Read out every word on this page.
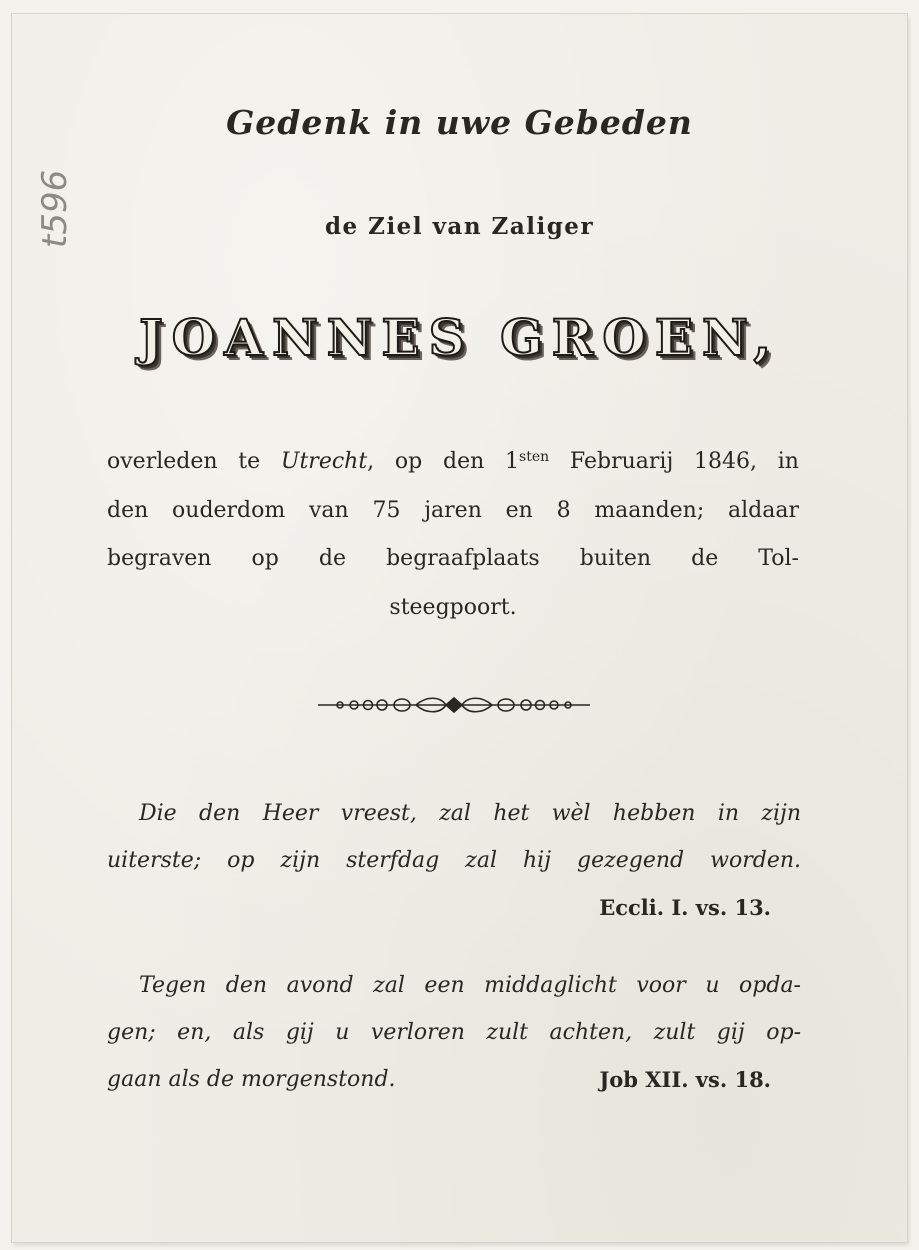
t596
Gedenk in uwe Gebeden
de Ziel van Zaliger
JOANNES GROEN,
overleden te Utrecht, op den $1^{sten}$ Februarij 1846, in
den ouderdom van 75 jaren en 8 maanden; aldaar
begraven op de begraafplaats buiten de Tol-
steegpoort.
Die den Heer vreest, zal het wèl hebben in zijn
uiterste; op zijn sterfdag zal hij gezegend worden.
Eccli. I. vs. 13.
Tegen den avond zal een middaglicht voor u opda-
gen; en, als gij u verloren zult achten, zult gij op-
gaan als de morgenstond.	Job XII. vs. 18.
